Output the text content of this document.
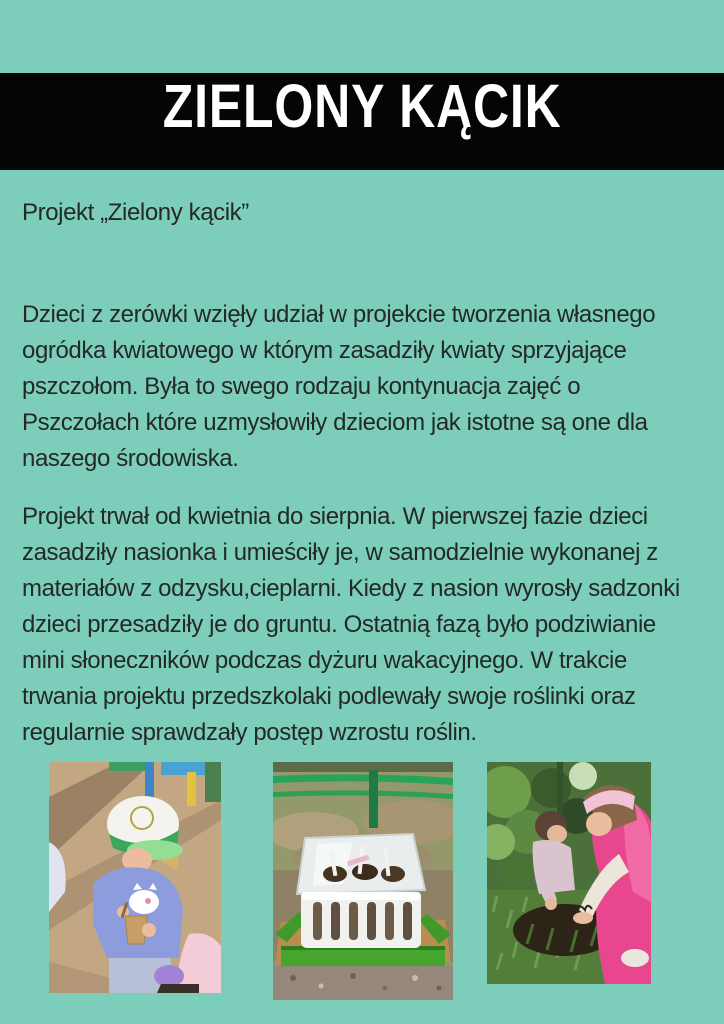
ZIELONY KĄCIK
Projekt „Zielony kącik”
Dzieci z zerówki wzięły udział w projekcie tworzenia własnego
ogródka kwiatowego w którym zasadziły kwiaty sprzyjające
pszczołom. Była to swego rodzaju kontynuacja zajęć o
Pszczołach które uzmysłowiły dzieciom jak istotne są one dla
naszego środowiska.
Projekt trwał od kwietnia do sierpnia. W pierwszej fazie dzieci
zasadziły nasionka i umieściły je, w samodzielnie wykonanej z
materiałów z odzysku,cieplarni. Kiedy z nasion wyrosły sadzonki
dzieci przesadziły je do gruntu. Ostatnią fazą było podziwianie
mini słoneczników podczas dyżuru wakacyjnego. W trakcie
trwania projektu przedszkolaki podlewały swoje roślinki oraz
regularnie sprawdzały postęp wzrostu roślin.
